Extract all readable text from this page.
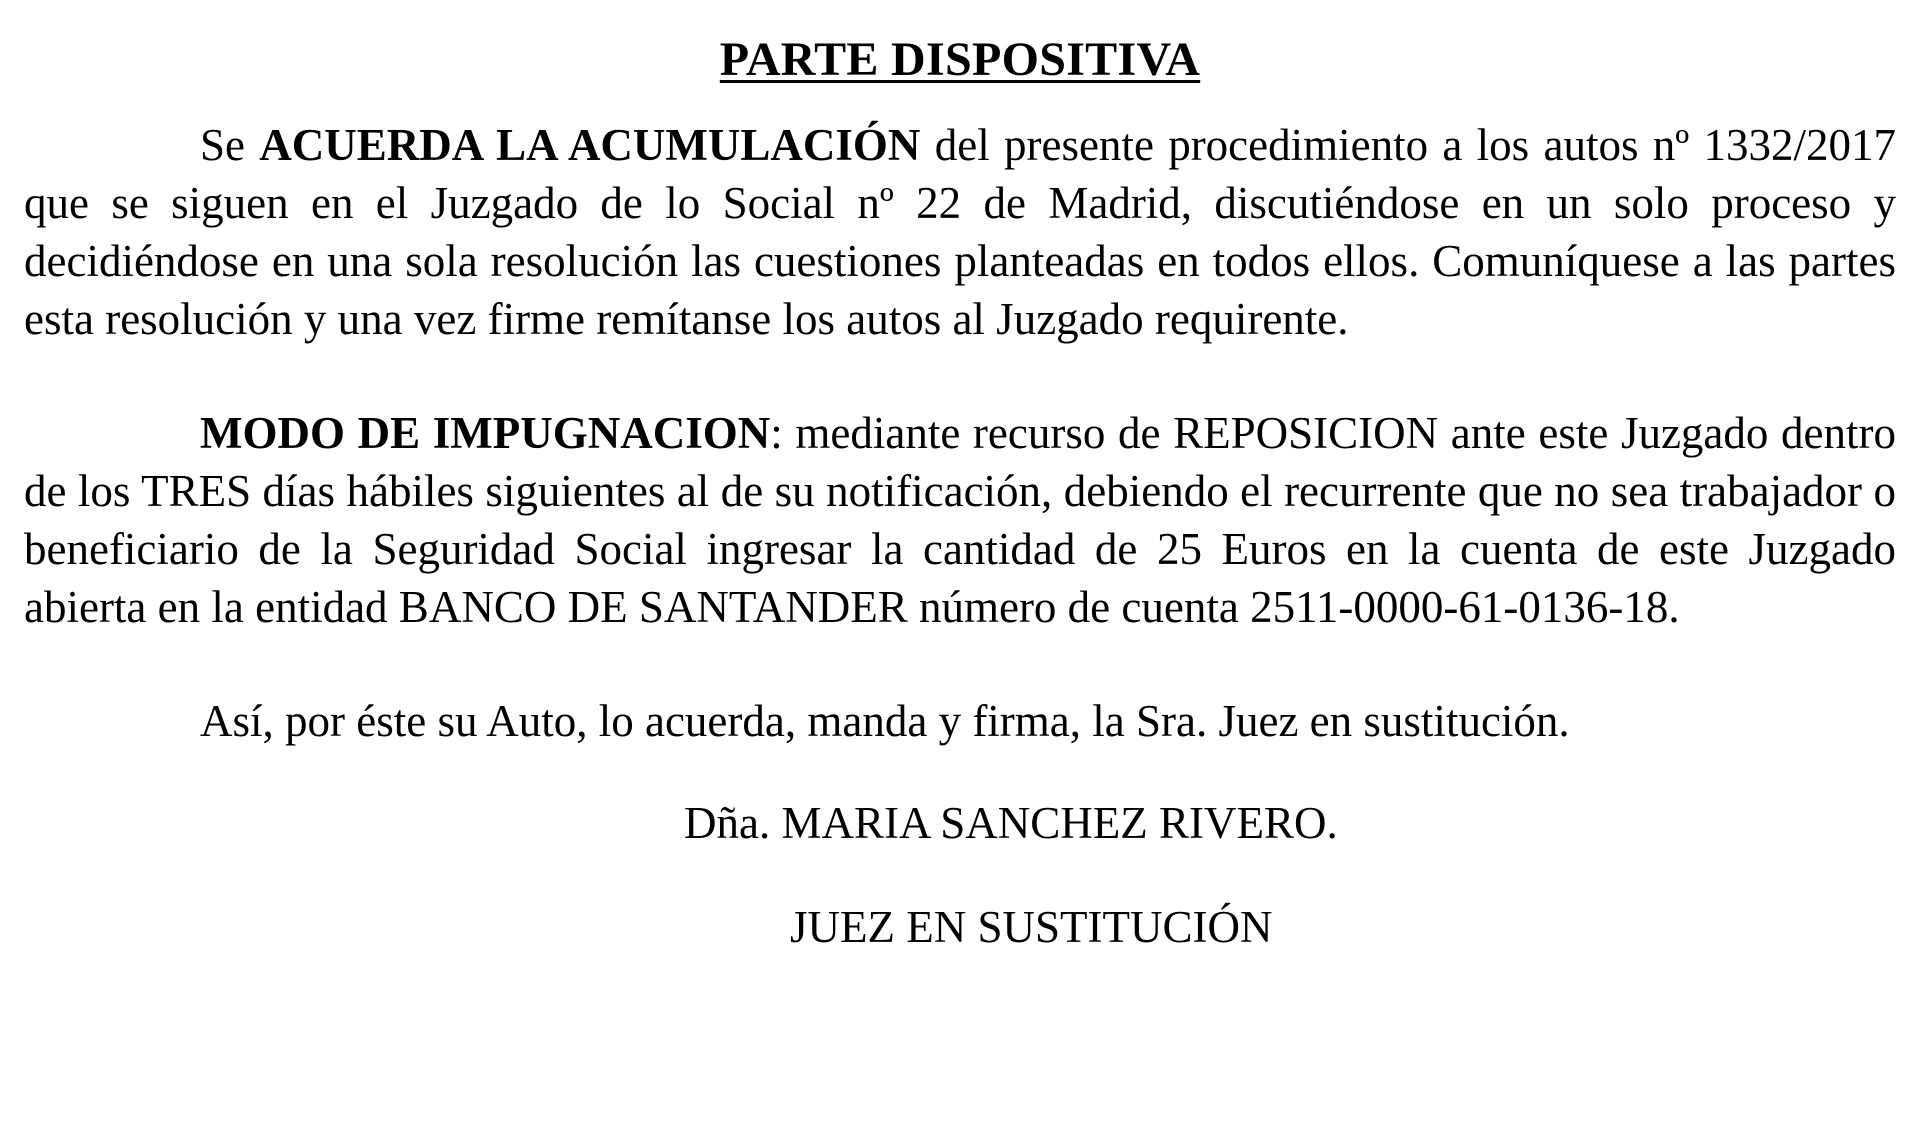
PARTE DISPOSITIVA

Se ACUERDA LA ACUMULACIÓN del presente procedimiento a los autos nº 1332/2017 que se siguen en el Juzgado de lo Social nº 22 de Madrid, discutiéndose en un solo proceso y decidiéndose en una sola resolución las cuestiones planteadas en todos ellos. Comuníquese a las partes esta resolución y una vez firme remítanse los autos al Juzgado requirente.

MODO DE IMPUGNACION: mediante recurso de REPOSICION ante este Juzgado dentro de los TRES días hábiles siguientes al de su notificación, debiendo el recurrente que no sea trabajador o beneficiario de la Seguridad Social ingresar la cantidad de 25 Euros en la cuenta de este Juzgado abierta en la entidad BANCO DE SANTANDER número de cuenta 2511-0000-61-0136-18.

Así, por éste su Auto, lo acuerda, manda y firma, la Sra. Juez en sustitución.

Dña. MARIA SANCHEZ RIVERO.

JUEZ EN SUSTITUCIÓN
